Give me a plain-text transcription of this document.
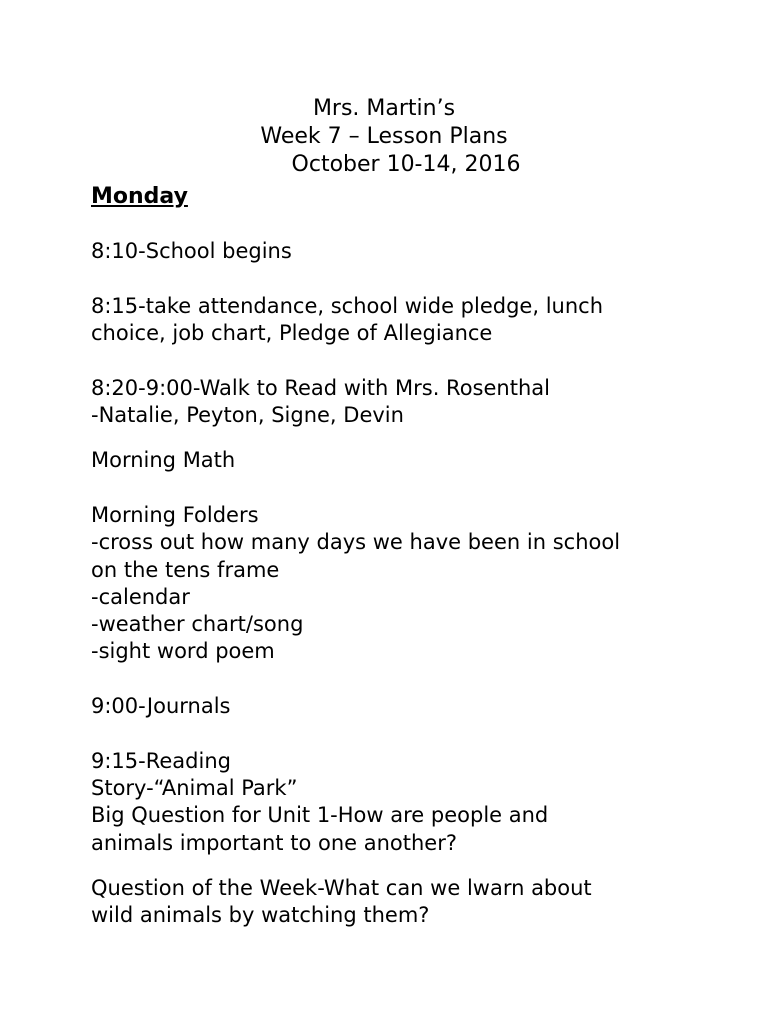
Mrs. Martin’s
Week 7 – Lesson Plans
October 10-14, 2016
Monday
8:10-School begins
8:15-take attendance, school wide pledge, lunch
choice, job chart, Pledge of Allegiance
8:20-9:00-Walk to Read with Mrs. Rosenthal
-Natalie, Peyton, Signe, Devin
Morning Math
Morning Folders
-cross out how many days we have been in school
on the tens frame
-calendar
-weather chart/song
-sight word poem
9:00-Journals
9:15-Reading
Story-“Animal Park”
Big Question for Unit 1-How are people and
animals important to one another?
Question of the Week-What can we lwarn about
wild animals by watching them?
